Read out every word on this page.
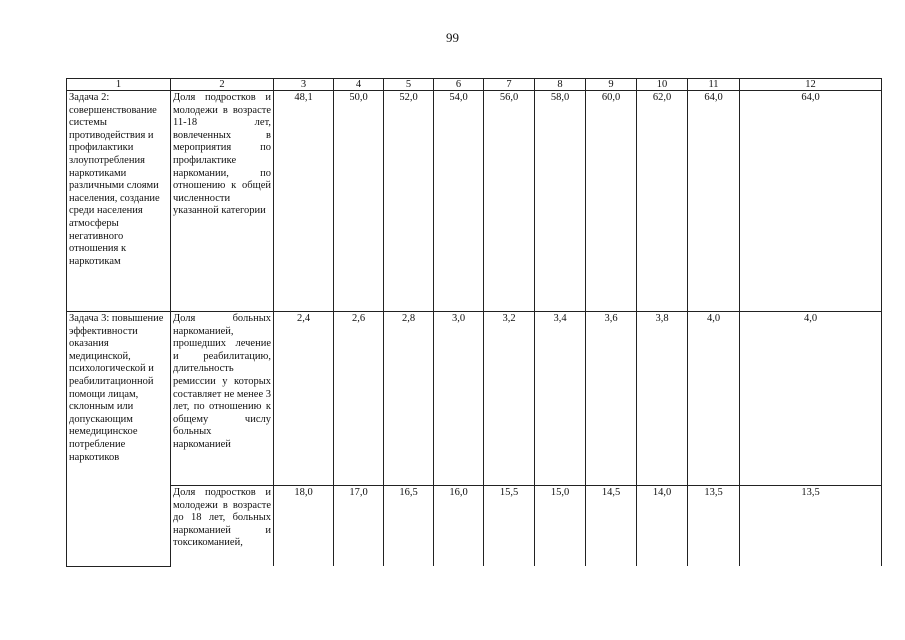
99
1	2	3	4	5	6	7	8	9	10	11	12
Задача 2: совершенствование системы противодействия и профилактики злоупотребления наркотиками различными слоями населения, создание среди населения атмосферы негативного отношения к наркотикам	Доля подростков и молодежи в возрасте 11-18 лет, вовлеченных в мероприятия по профилактике наркомании, по отношению к общей численности указанной категории	48,1	50,0	52,0	54,0	56,0	58,0	60,0	62,0	64,0	64,0
Задача 3: повышение эффективности оказания медицинской, психологической и реабилитационной помощи лицам, склонным или допускающим немедицинское потребление наркотиков	Доля больных наркоманией, прошедших лечение и реабилитацию, длительность ремиссии у которых составляет не менее 3 лет, по отношению к общему числу больных наркоманией	2,4	2,6	2,8	3,0	3,2	3,4	3,6	3,8	4,0	4,0
	Доля подростков и молодежи в возрасте до 18 лет, больных наркоманией и токсикоманией,	18,0	17,0	16,5	16,0	15,5	15,0	14,5	14,0	13,5	13,5
